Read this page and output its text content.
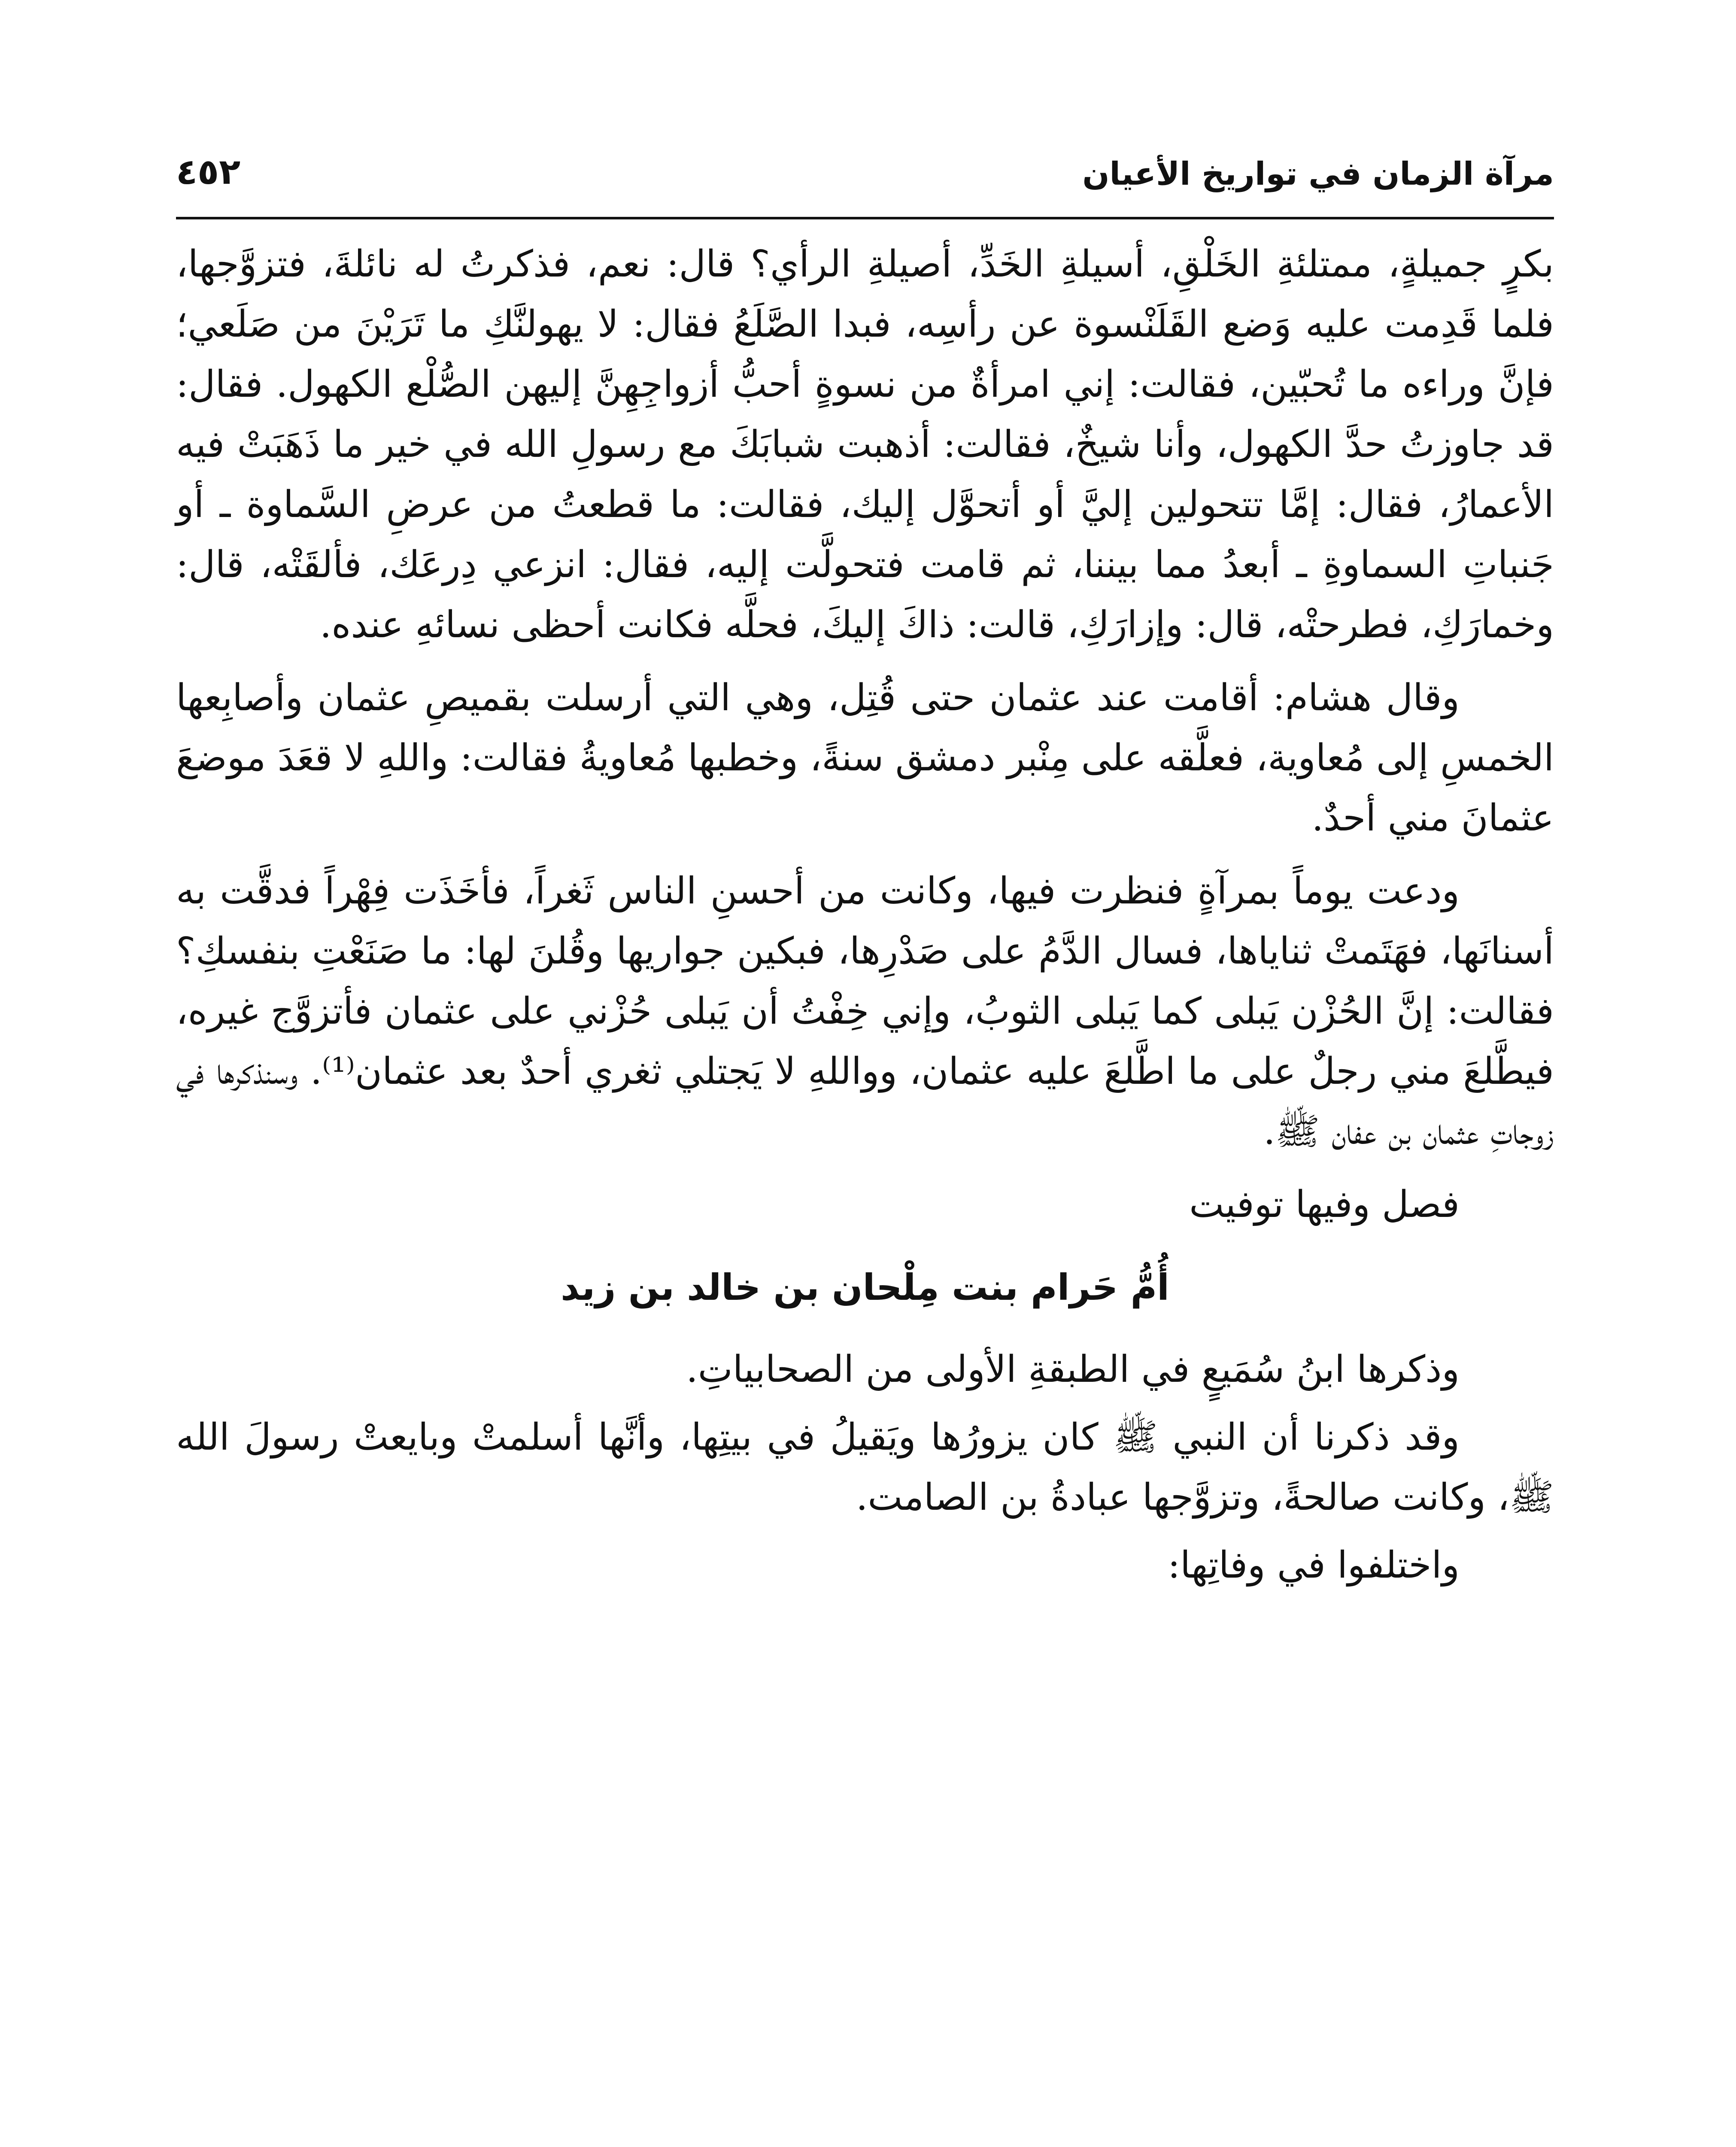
مرآة الزمان في تواريخ الأعيان
٤٥٢

بكرٍ جميلةٍ، ممتلئةِ الخَلْقِ، أسيلةِ الخَدِّ، أصيلةِ الرأي؟ قال: نعم، فذكرتُ له نائلةَ، فتزوَّجها، فلما قَدِمت عليه وَضع القَلَنْسوة عن رأسِه، فبدا الصَّلَعُ فقال: لا يهولنَّكِ ما تَرَيْنَ من صَلَعي؛ فإنَّ وراءه ما تُحبّين، فقالت: إني امرأةٌ من نسوةٍ أحبُّ أزواجِهِنَّ إليهن الصُّلْع الكهول. فقال: قد جاوزتُ حدَّ الكهول، وأنا شيخٌ، فقالت: أذهبت شبابَكَ مع رسولِ الله في خير ما ذَهَبَتْ فيه الأعمارُ، فقال: إمَّا تتحولين إليَّ أو أتحوَّل إليك، فقالت: ما قطعتُ من عرضِ السَّماوة ـ أو جَنباتِ السماوةِ ـ أبعدُ مما بيننا، ثم قامت فتحولَّت إليه، فقال: انزعي دِرعَك، فألقَتْه، قال: وخمارَكِ، فطرحتْه، قال: وإزارَكِ، قالت: ذاكَ إليكَ، فحلَّه فكانت أحظى نسائهِ عنده.

وقال هشام: أقامت عند عثمان حتى قُتِل، وهي التي أرسلت بقميصِ عثمان وأصابِعها الخمسِ إلى مُعاوية، فعلَّقه على مِنْبر دمشق سنةً، وخطبها مُعاويةُ فقالت: واللهِ لا قعَدَ موضعَ عثمانَ مني أحدٌ.

ودعت يوماً بمرآةٍ فنظرت فيها، وكانت من أحسنِ الناس ثَغراً، فأخَذَت فِهْراً فدقَّت به أسنانَها، فهَتَمتْ ثناياها، فسال الدَّمُ على صَدْرِها، فبكين جواريها وقُلنَ لها: ما صَنَعْتِ بنفسكِ؟ فقالت: إنَّ الحُزْن يَبلى كما يَبلى الثوبُ، وإني خِفْتُ أن يَبلى حُزْني على عثمان فأتزوَّج غيره، فيطَّلعَ مني رجلٌ على ما اطَّلعَ عليه عثمان، وواللهِ لا يَجتلي ثغري أحدٌ بعد عثمان⁽¹⁾. وسنذكرها في زوجاتِ عثمان بن عفان ﷺ.

فصل وفيها توفيت
أُمُّ حَرام بنت مِلْحان بن خالد بن زيد

وذكرها ابنُ سُمَيعٍ في الطبقةِ الأولى من الصحابياتِ.

وقد ذكرنا أن النبي ﷺ كان يزورُها ويَقيلُ في بيتِها، وأنَّها أسلمتْ وبايعتْ رسولَ الله ﷺ، وكانت صالحةً، وتزوَّجها عبادةُ بن الصامت.

واختلفوا في وفاتِها:
